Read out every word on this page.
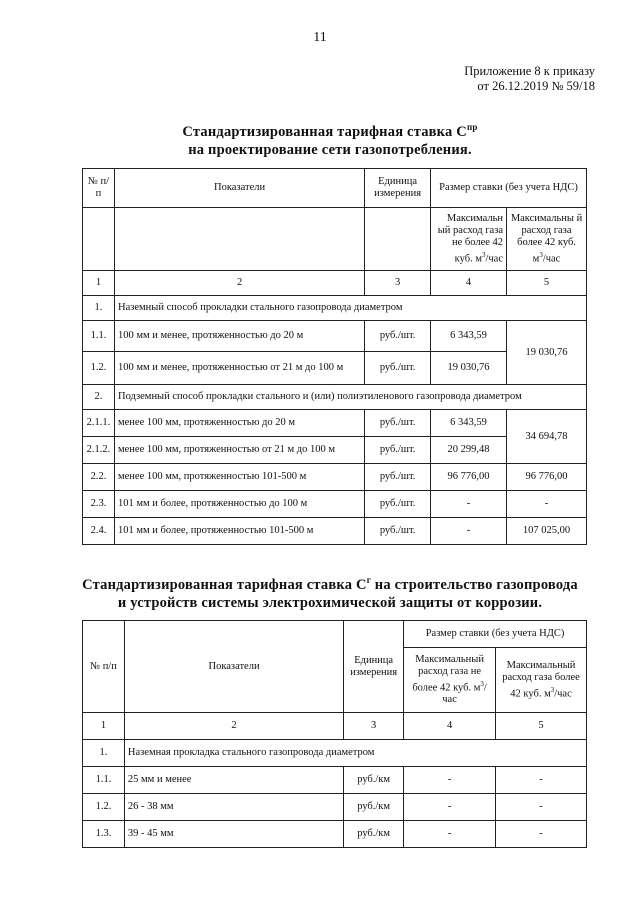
11
Приложение 8 к приказу
от 26.12.2019 № 59/18
Стандартизированная тарифная ставка $С^{пр}$
на проектирование сети газопотребления.
№ п/п	Показатели	Единица измерения	Размер ставки (без учета НДС)	
			Максимальн ый расход газа не более 42 куб. $м^3$/час	Максимальны й расход газа более 42 куб. $м^3$/час
1	2	3	4	5
1.	Наземный способ прокладки стального газопровода диаметром			
1.1.	100 мм и менее, протяженностью до 20 м	руб./шт.	6 343,59	19 030,76
1.2.	100 мм и менее, протяженностью от 21 м до 100 м	руб./шт.	19 030,76	
2.	Подземный способ прокладки стального и (или) полиэтиленового газопровода диаметром			
2.1.1.	менее 100 мм, протяженностью до 20 м	руб./шт.	6 343,59	34 694,78
2.1.2.	менее 100 мм, протяженностью от 21 м до 100 м	руб./шт.	20 299,48	
2.2.	менее 100 мм, протяженностью 101-500 м	руб./шт.	96 776,00	96 776,00
2.3.	101 мм и более, протяженностью до 100 м	руб./шт.	-	-
2.4.	101 мм и более, протяженностью 101-500 м	руб./шт.	-	107 025,00
Стандартизированная тарифная ставка $С^г$ на строительство газопровода
и устройств системы электрохимической защиты от коррозии.
№ п/п	Показатели	Единица измерения	Размер ставки (без учета НДС)	
			Максимальный расход газа не более 42 куб. $м^3$/час	Максимальный расход газа более 42 куб. $м^3$/час
1	2	3	4	5
1.	Наземная прокладка стального газопровода диаметром			
1.1.	25 мм и менее	руб./км	-	-
1.2.	26 - 38 мм	руб./км	-	-
1.3.	39 - 45 мм	руб./км	-	-
